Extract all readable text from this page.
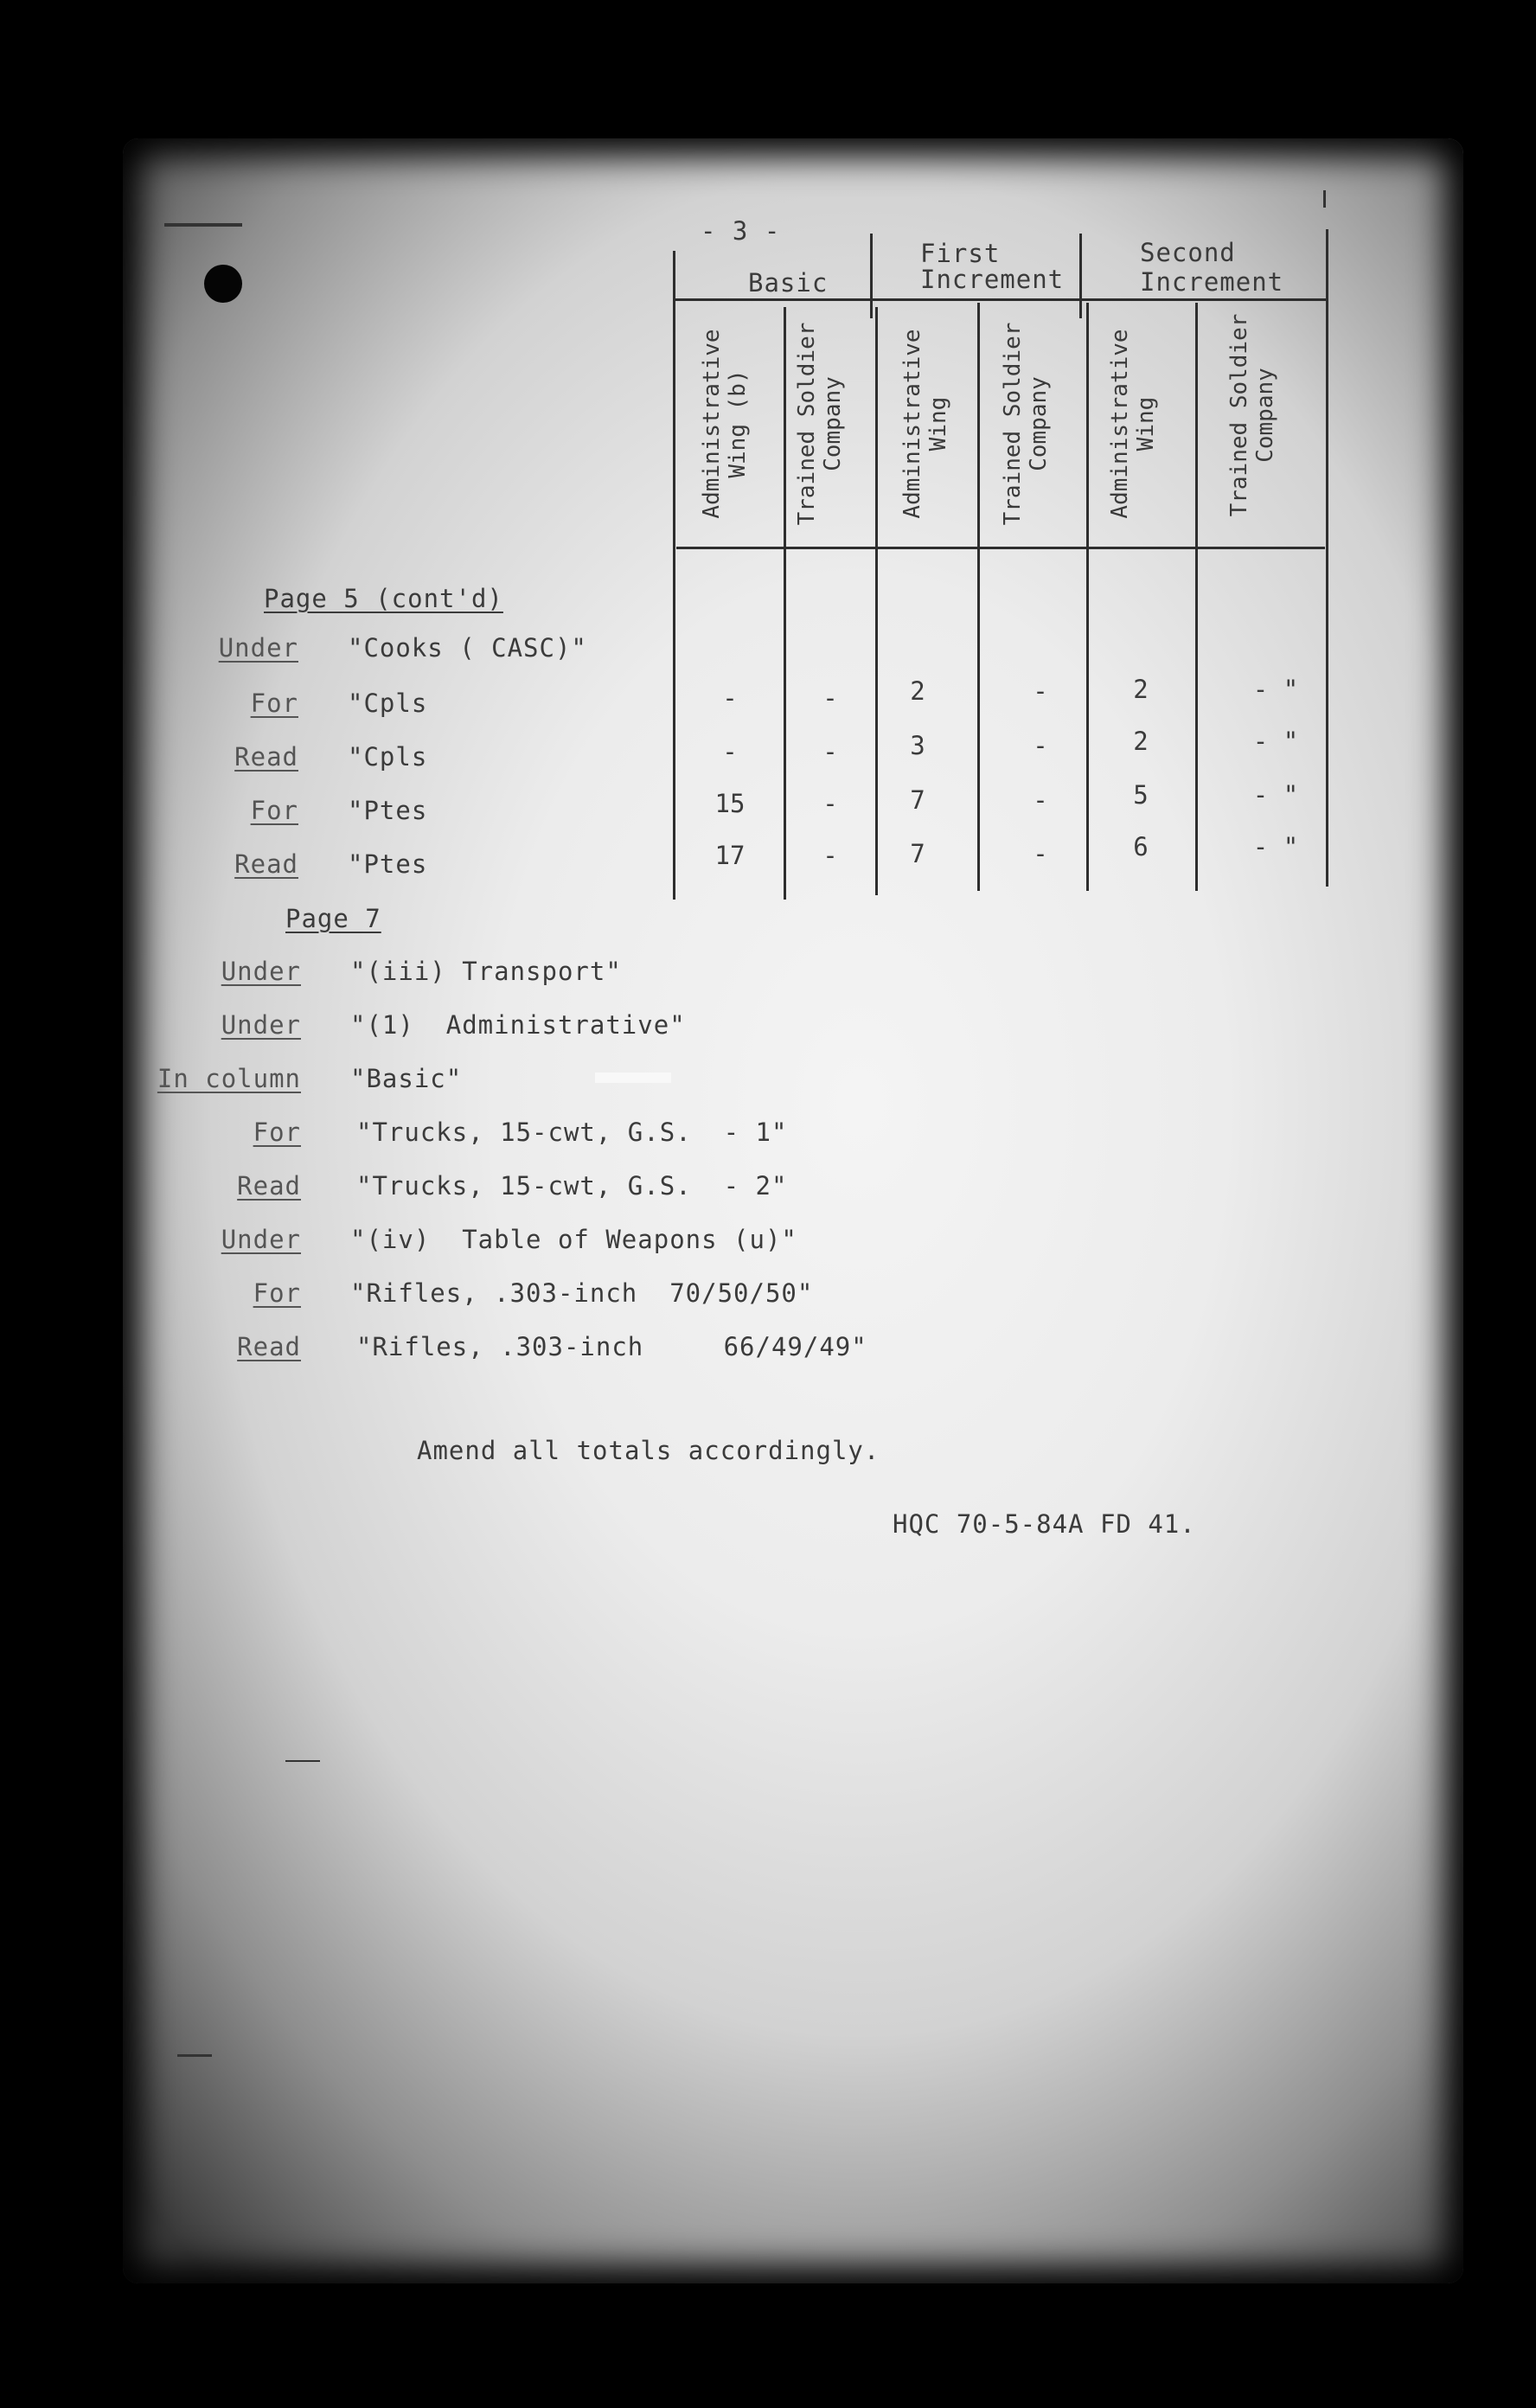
- 3 -
Basic
First
Increment
Second
Increment
Administrative
Wing (b)
Trained Soldier
Company Administrative
Wing
Trained Soldier
Company Administrative
Wing	Trained Soldier
Company
Page 5 (cont'd)
Under "Cooks ( CASC)"
For "Cpls	-	-	2	-	2	- "
Read "Cpls	-	-	3	-	2	- "
For "Ptes	15	-	7	-	5	- "
Read "Ptes	17	-	7	-	6	- "
Page 7
Under "(iii) Transport"
Under "(1)  Administrative"
In column "Basic"
For "Trucks, 15-cwt, G.S.  - 1"
Read "Trucks, 15-cwt, G.S.  - 2"
Under "(iv)  Table of Weapons (u)"
For "Rifles, .303-inch  70/50/50"
Read "Rifles, .303-inch     66/49/49"
Amend all totals accordingly.
HQC 70-5-84A FD 41.
